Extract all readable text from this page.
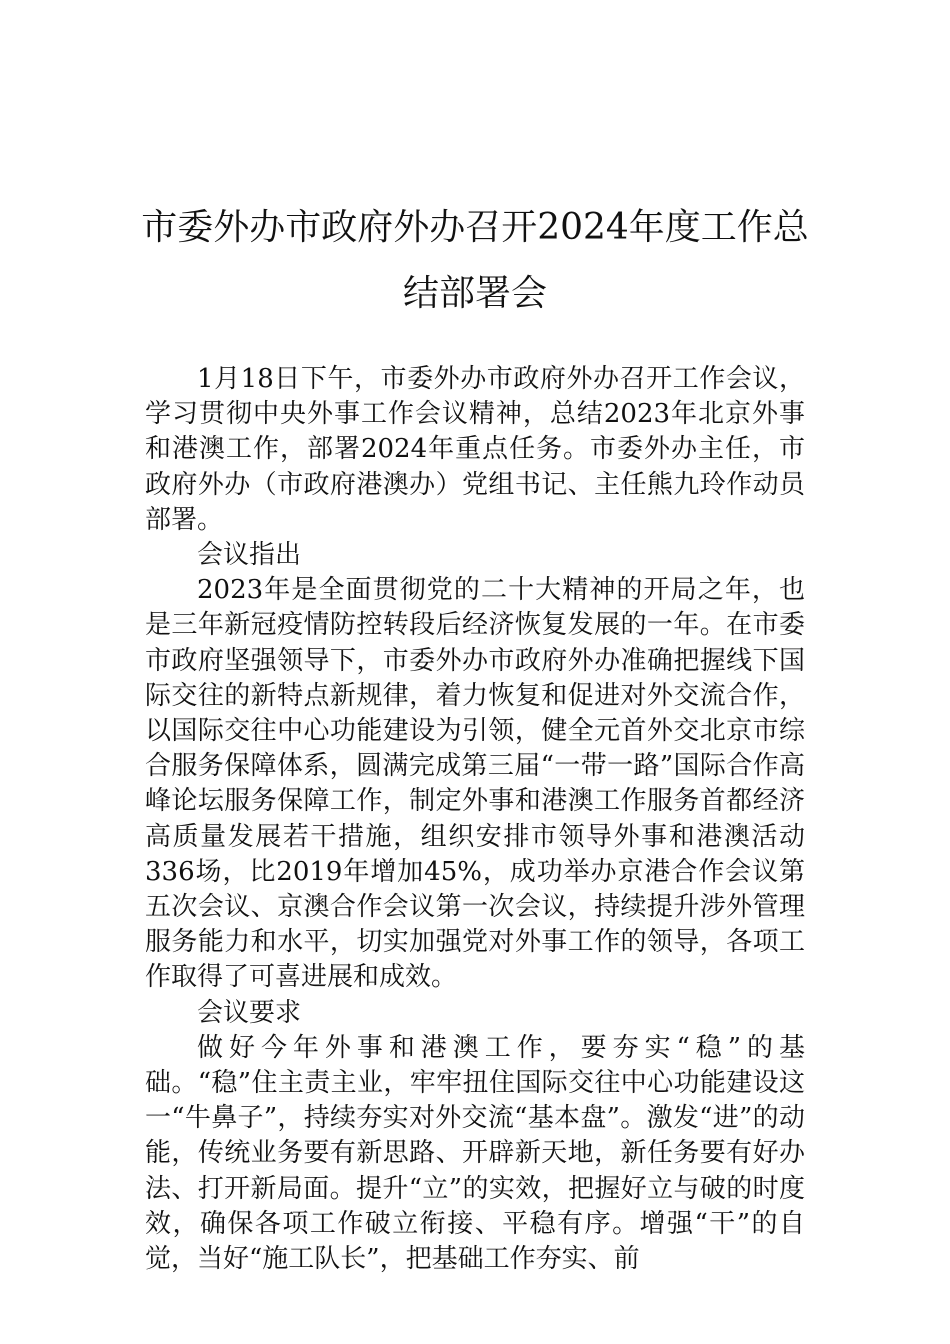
市委外办市政府外办召开2024年度工作总结部署会

1月18日下午，市委外办市政府外办召开工作会议，学习贯彻中央外事工作会议精神，总结2023年北京外事和港澳工作，部署2024年重点任务。市委外办主任，市政府外办（市政府港澳办）党组书记、主任熊九玲作动员部署。

会议指出

2023年是全面贯彻党的二十大精神的开局之年，也是三年新冠疫情防控转段后经济恢复发展的一年。在市委市政府坚强领导下，市委外办市政府外办准确把握线下国际交往的新特点新规律，着力恢复和促进对外交流合作，以国际交往中心功能建设为引领，健全元首外交北京市综合服务保障体系，圆满完成第三届“一带一路”国际合作高峰论坛服务保障工作，制定外事和港澳工作服务首都经济高质量发展若干措施，组织安排市领导外事和港澳活动336场，比2019年增加45%，成功举办京港合作会议第五次会议、京澳合作会议第一次会议，持续提升涉外管理服务能力和水平，切实加强党对外事工作的领导，各项工作取得了可喜进展和成效。

会议要求

做好今年外事和港澳工作，要夯实“稳”的基础。“稳”住主责主业，牢牢扭住国际交往中心功能建设这一“牛鼻子”，持续夯实对外交流“基本盘”。激发“进”的动能，传统业务要有新思路、开辟新天地，新任务要有好办法、打开新局面。提升“立”的实效，把握好立与破的时度效，确保各项工作破立衔接、平稳有序。增强“干”的自觉，当好“施工队长”，把基础工作夯实、前
